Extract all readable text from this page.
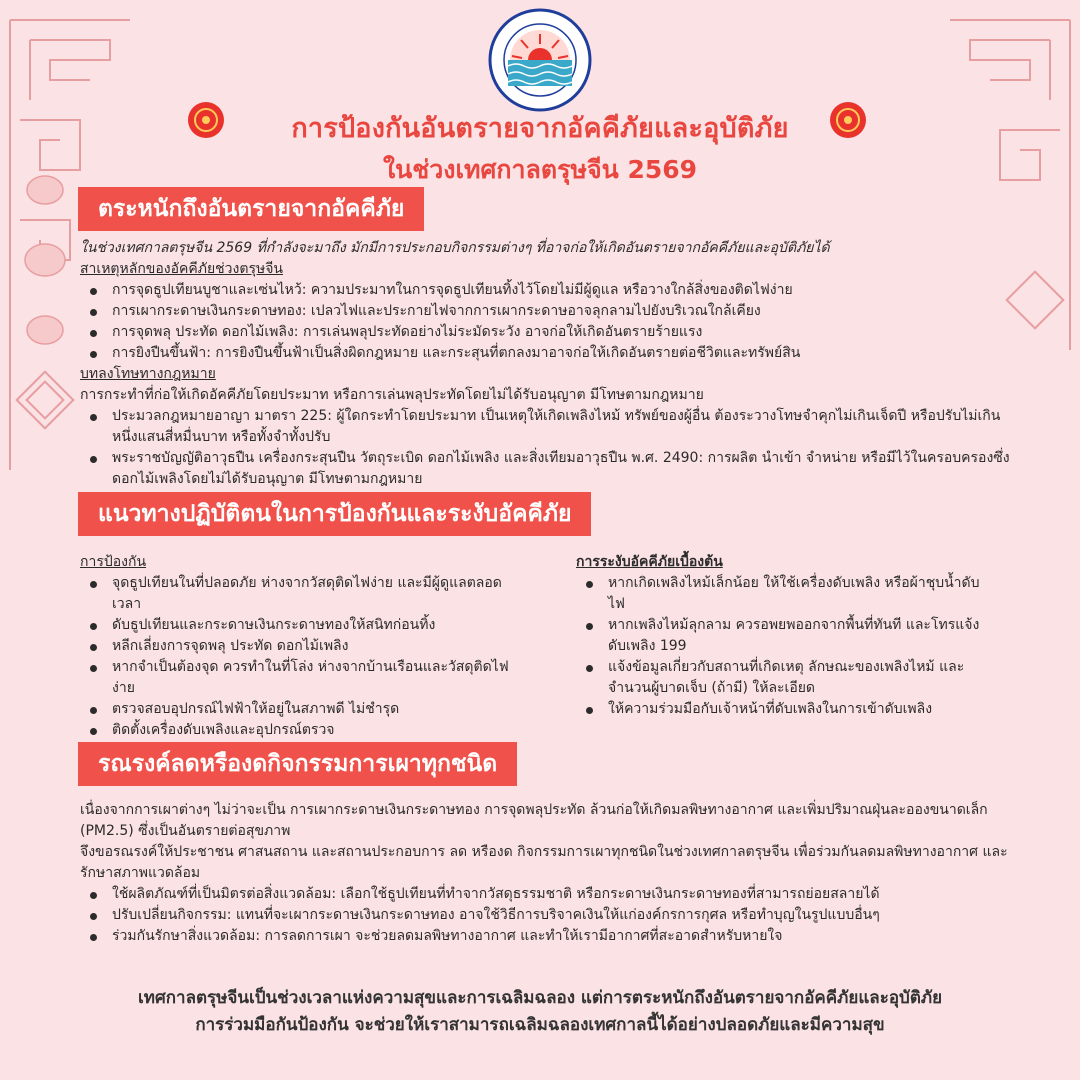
การป้องกันอันตรายจากอัคคีภัยและอุบัติภัย
ในช่วงเทศกาลตรุษจีน 2569
ตระหนักถึงอันตรายจากอัคคีภัย

ในช่วงเทศกาลตรุษจีน 2569 ที่กำลังจะมาถึง มักมีการประกอบกิจกรรมต่างๆ ที่อาจก่อให้เกิดอันตรายจากอัคคีภัยและอุบัติภัยได้

สาเหตุหลักของอัคคีภัยช่วงตรุษจีน

การจุดธูปเทียนบูชาและเซ่นไหว้: ความประมาทในการจุดธูปเทียนทิ้งไว้โดยไม่มีผู้ดูแล หรือวางใกล้สิ่งของติดไฟง่าย
การเผากระดาษเงินกระดาษทอง: เปลวไฟและประกายไฟจากการเผากระดาษอาจลุกลามไปยังบริเวณใกล้เคียง
การจุดพลุ ประทัด ดอกไม้เพลิง: การเล่นพลุประทัดอย่างไม่ระมัดระวัง อาจก่อให้เกิดอันตรายร้ายแรง
การยิงปืนขึ้นฟ้า: การยิงปืนขึ้นฟ้าเป็นสิ่งผิดกฎหมาย และกระสุนที่ตกลงมาอาจก่อให้เกิดอันตรายต่อชีวิตและทรัพย์สิน

บทลงโทษทางกฎหมาย

การกระทำที่ก่อให้เกิดอัคคีภัยโดยประมาท หรือการเล่นพลุประทัดโดยไม่ได้รับอนุญาต มีโทษตามกฎหมาย

ประมวลกฎหมายอาญา มาตรา 225: ผู้ใดกระทำโดยประมาท เป็นเหตุให้เกิดเพลิงไหม้ ทรัพย์ของผู้อื่น ต้องระวางโทษจำคุกไม่เกินเจ็ดปี หรือปรับไม่เกินหนึ่งแสนสี่หมื่นบาท หรือทั้งจำทั้งปรับ
พระราชบัญญัติอาวุธปืน เครื่องกระสุนปืน วัตถุระเบิด ดอกไม้เพลิง และสิ่งเทียมอาวุธปืน พ.ศ. 2490: การผลิต นำเข้า จำหน่าย หรือมีไว้ในครอบครองซึ่งดอกไม้เพลิงโดยไม่ได้รับอนุญาต มีโทษตามกฎหมาย
แนวทางปฏิบัติตนในการป้องกันและระงับอัคคีภัย

การป้องกัน

จุดธูปเทียนในที่ปลอดภัย ห่างจากวัสดุติดไฟง่าย และมีผู้ดูแลตลอดเวลา
ดับธูปเทียนและกระดาษเงินกระดาษทองให้สนิทก่อนทิ้ง
หลีกเลี่ยงการจุดพลุ ประทัด ดอกไม้เพลิง
หากจำเป็นต้องจุด ควรทำในที่โล่ง ห่างจากบ้านเรือนและวัสดุติดไฟง่าย
ตรวจสอบอุปกรณ์ไฟฟ้าให้อยู่ในสภาพดี ไม่ชำรุด
ติดตั้งเครื่องดับเพลิงและอุปกรณ์ตรวจ

การระงับอัคคีภัยเบื้องต้น

หากเกิดเพลิงไหม้เล็กน้อย ให้ใช้เครื่องดับเพลิง หรือผ้าชุบน้ำดับไฟ
หากเพลิงไหม้ลุกลาม ควรอพยพออกจากพื้นที่ทันที และโทรแจ้งดับเพลิง 199
แจ้งข้อมูลเกี่ยวกับสถานที่เกิดเหตุ ลักษณะของเพลิงไหม้ และจำนวนผู้บาดเจ็บ (ถ้ามี) ให้ละเอียด
ให้ความร่วมมือกับเจ้าหน้าที่ดับเพลิงในการเข้าดับเพลิง
รณรงค์ลดหรืองดกิจกรรมการเผาทุกชนิด

เนื่องจากการเผาต่างๆ ไม่ว่าจะเป็น การเผากระดาษเงินกระดาษทอง การจุดพลุประทัด ล้วนก่อให้เกิดมลพิษทางอากาศ และเพิ่มปริมาณฝุ่นละอองขนาดเล็ก (PM2.5) ซึ่งเป็นอันตรายต่อสุขภาพ

จึงขอรณรงค์ให้ประชาชน ศาสนสถาน และสถานประกอบการ ลด หรืองด กิจกรรมการเผาทุกชนิดในช่วงเทศกาลตรุษจีน เพื่อร่วมกันลดมลพิษทางอากาศ และรักษาสภาพแวดล้อม

ใช้ผลิตภัณฑ์ที่เป็นมิตรต่อสิ่งแวดล้อม: เลือกใช้ธูปเทียนที่ทำจากวัสดุธรรมชาติ หรือกระดาษเงินกระดาษทองที่สามารถย่อยสลายได้
ปรับเปลี่ยนกิจกรรม: แทนที่จะเผากระดาษเงินกระดาษทอง อาจใช้วิธีการบริจาคเงินให้แก่องค์กรการกุศล หรือทำบุญในรูปแบบอื่นๆ
ร่วมกันรักษาสิ่งแวดล้อม: การลดการเผา จะช่วยลดมลพิษทางอากาศ และทำให้เรามีอากาศที่สะอาดสำหรับหายใจ
เทศกาลตรุษจีนเป็นช่วงเวลาแห่งความสุขและการเฉลิมฉลอง แต่การตระหนักถึงอันตรายจากอัคคีภัยและอุบัติภัย
การร่วมมือกันป้องกัน จะช่วยให้เราสามารถเฉลิมฉลองเทศกาลนี้ได้อย่างปลอดภัยและมีความสุข
